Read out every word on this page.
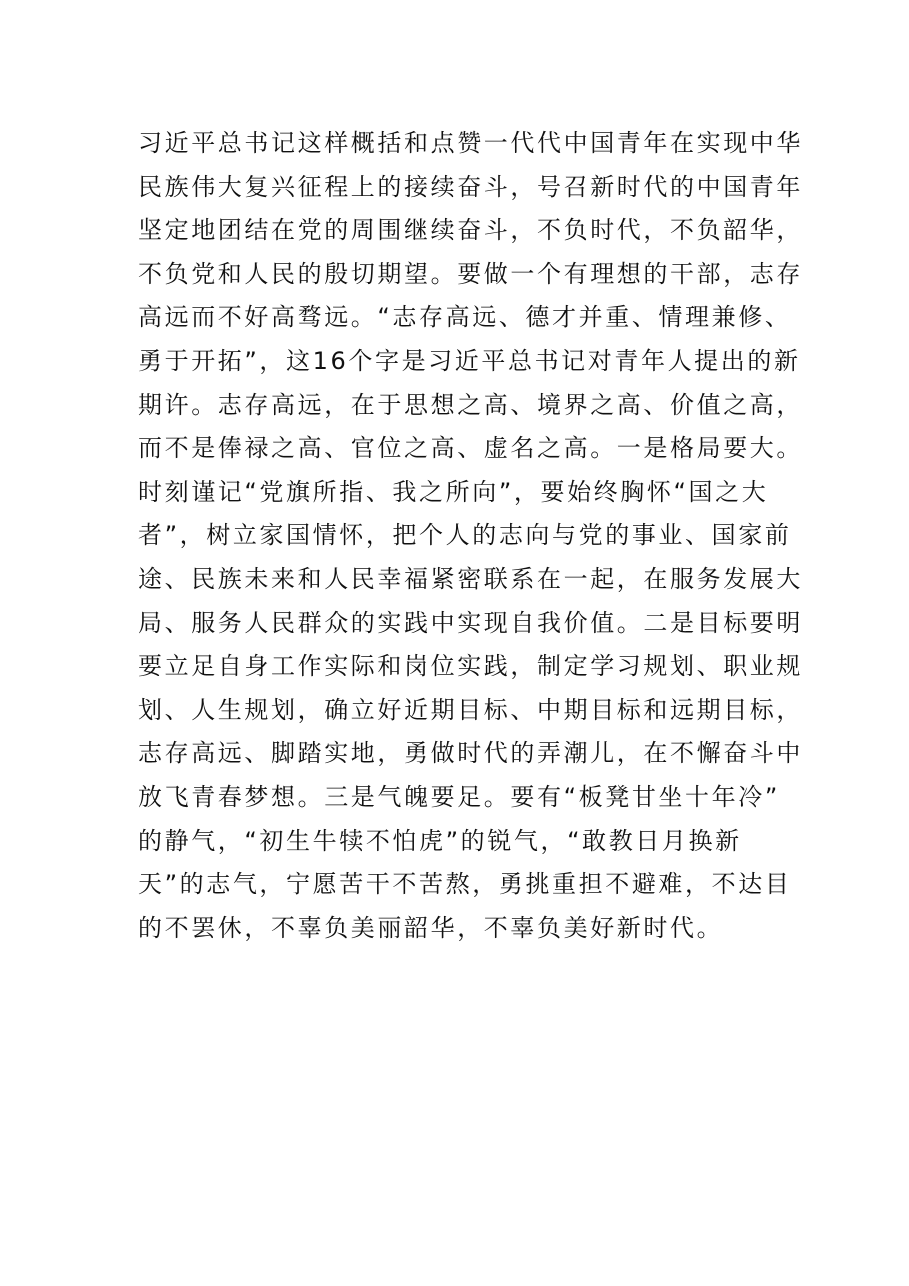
习近平总书记这样概括和点赞一代代中国青年在实现中华
民族伟大复兴征程上的接续奋斗，号召新时代的中国青年
坚定地团结在党的周围继续奋斗，不负时代，不负韶华，
不负党和人民的殷切期望。要做一个有理想的干部，志存
高远而不好高骛远。“志存高远、德才并重、情理兼修、
勇于开拓”，这16个字是习近平总书记对青年人提出的新
期许。志存高远，在于思想之高、境界之高、价值之高，
而不是俸禄之高、官位之高、虚名之高。一是格局要大。
时刻谨记“党旗所指、我之所向”，要始终胸怀“国之大
者”，树立家国情怀，把个人的志向与党的事业、国家前
途、民族未来和人民幸福紧密联系在一起，在服务发展大
局、服务人民群众的实践中实现自我价值。二是目标要明
要立足自身工作实际和岗位实践，制定学习规划、职业规
划、人生规划，确立好近期目标、中期目标和远期目标，
志存高远、脚踏实地，勇做时代的弄潮儿，在不懈奋斗中
放飞青春梦想。三是气魄要足。要有“板凳甘坐十年冷”
的静气，“初生牛犊不怕虎”的锐气，“敢教日月换新
天”的志气，宁愿苦干不苦熬，勇挑重担不避难，不达目
的不罢休，不辜负美丽韶华，不辜负美好新时代。
